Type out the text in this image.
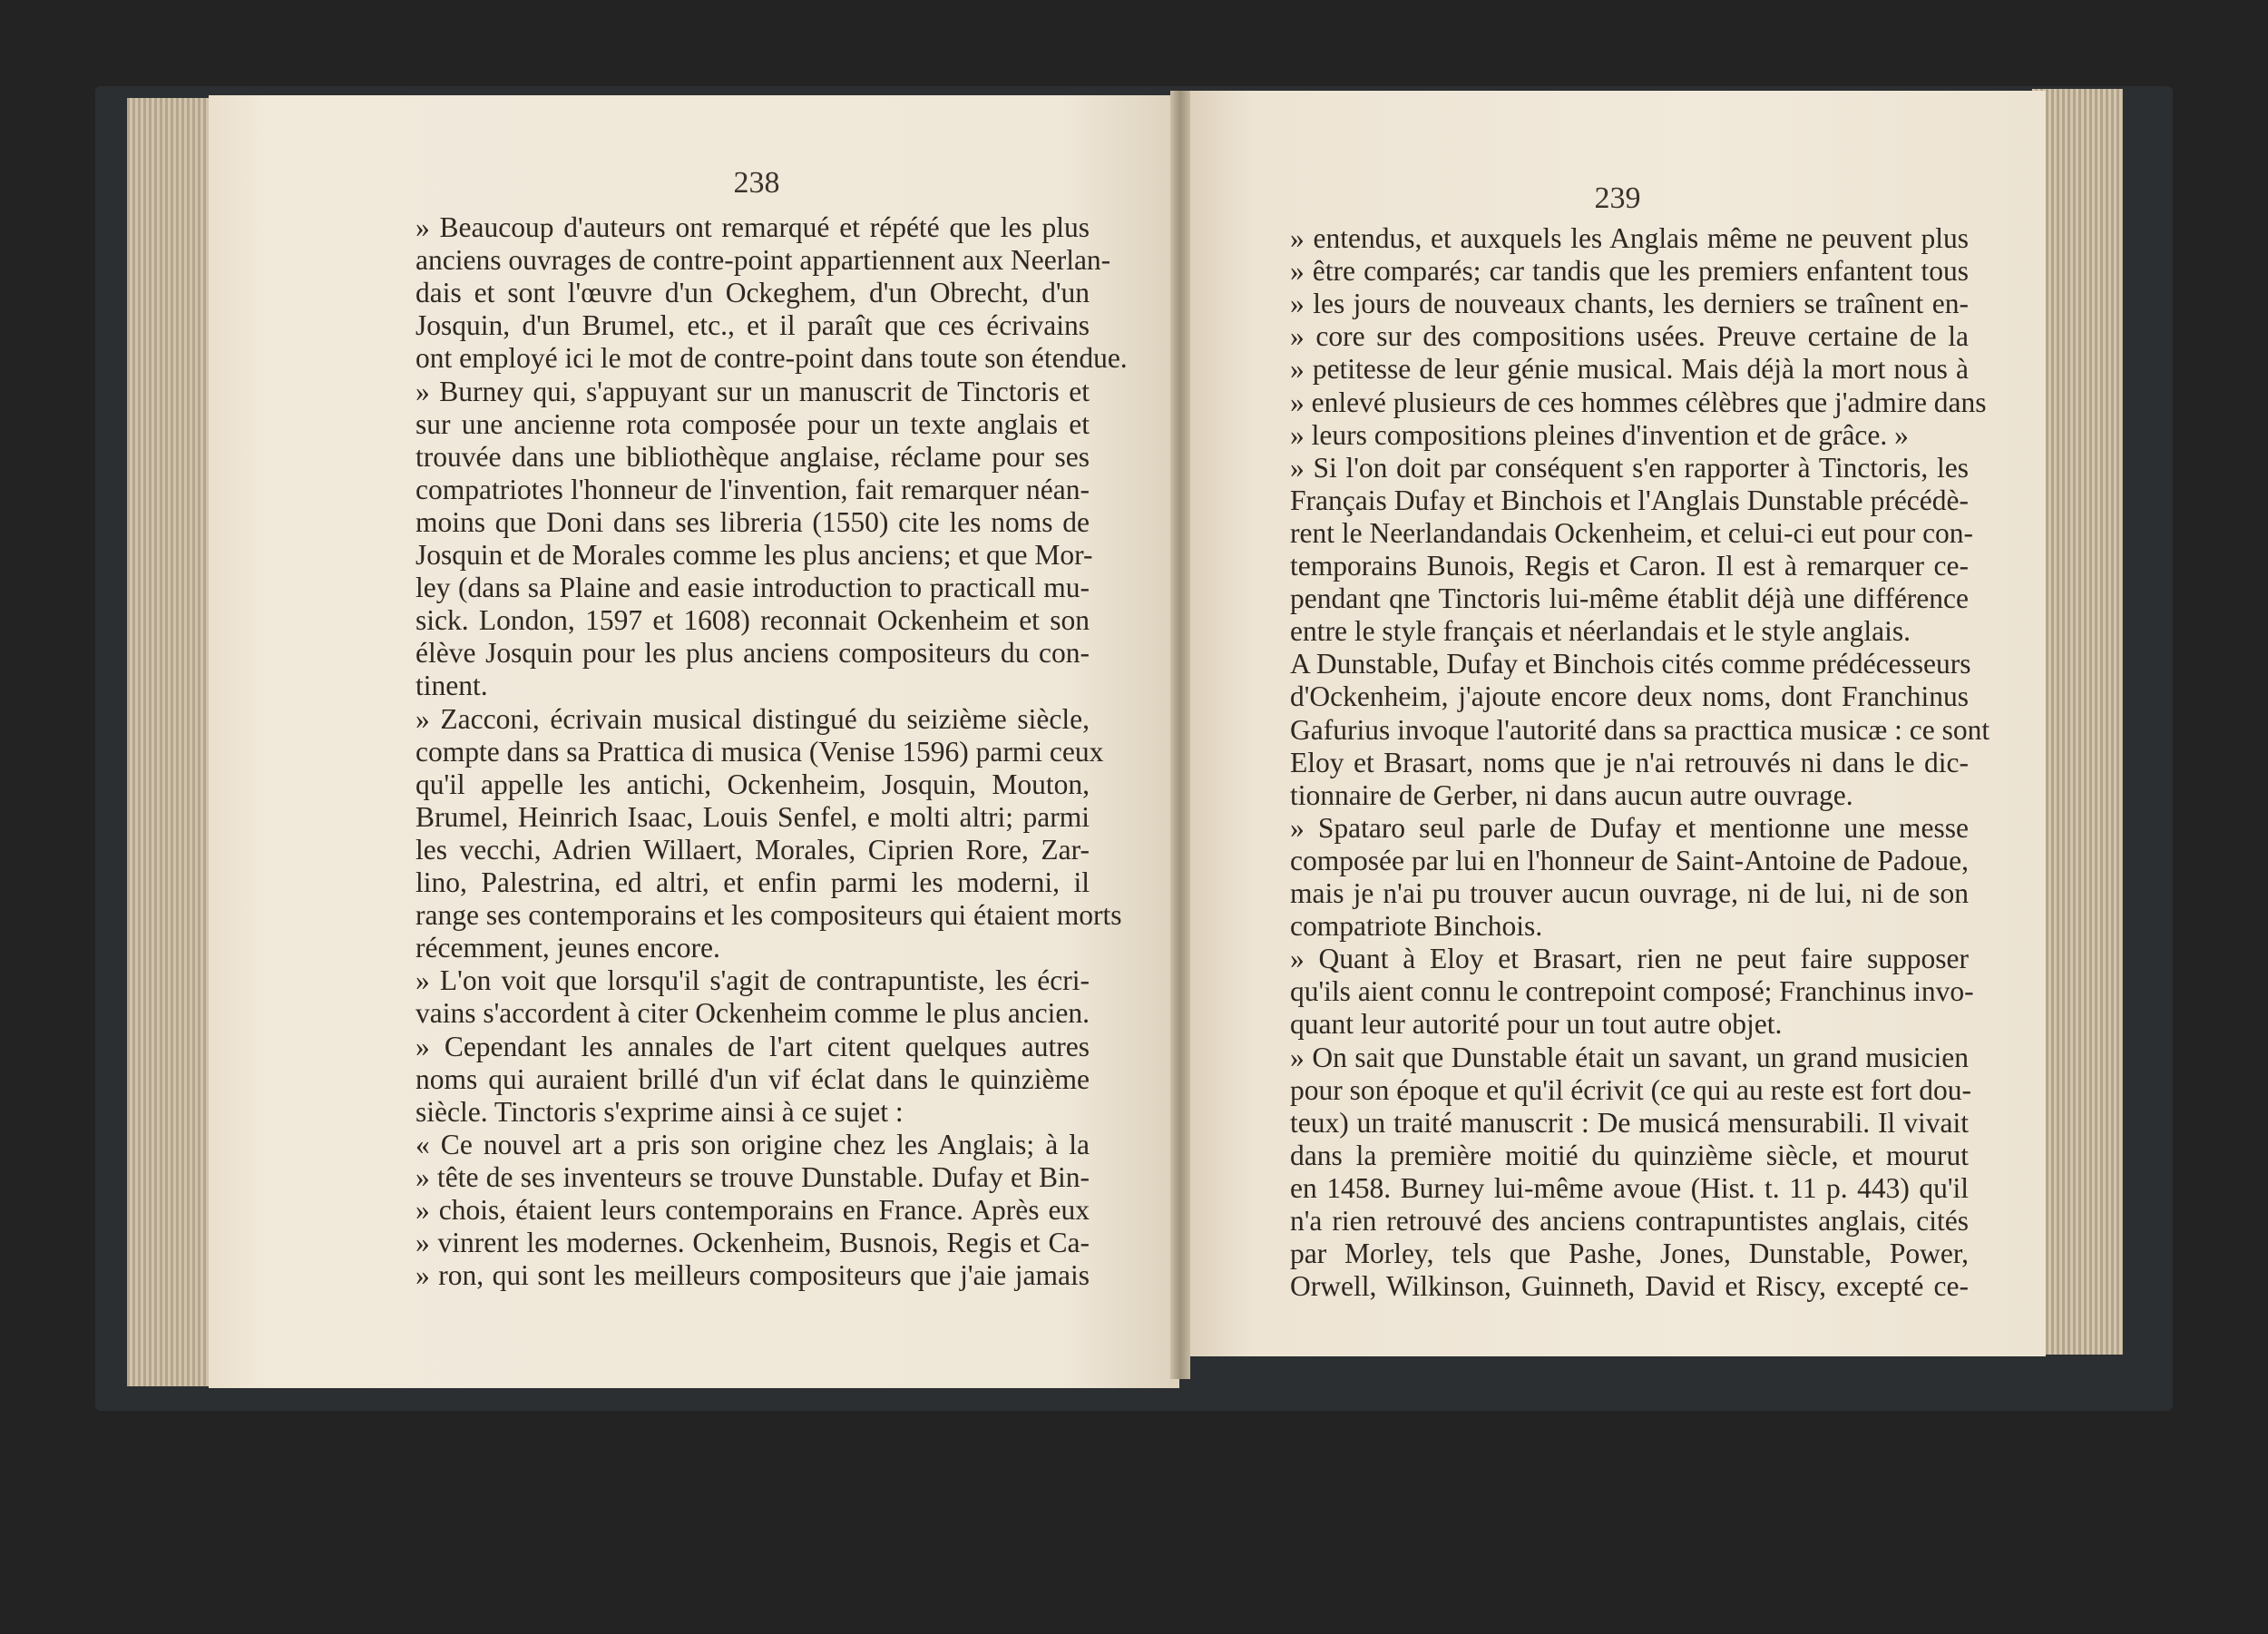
238	239
» Beaucoup d'auteurs ont remarqué et répété que les plus
anciens ouvrages de contre-point appartiennent aux Neerlan-
dais et sont l'œuvre d'un Ockeghem, d'un Obrecht, d'un
Josquin, d'un Brumel, etc., et il paraît que ces écrivains
ont employé ici le mot de contre-point dans toute son étendue.
» Burney qui, s'appuyant sur un manuscrit de Tinctoris et
sur une ancienne rota composée pour un texte anglais et
trouvée dans une bibliothèque anglaise, réclame pour ses
compatriotes l'honneur de l'invention, fait remarquer néan-
moins que Doni dans ses libreria (1550) cite les noms de
Josquin et de Morales comme les plus anciens; et que Mor-
ley (dans sa Plaine and easie introduction to practicall mu-
sick. London, 1597 et 1608) reconnait Ockenheim et son
élève Josquin pour les plus anciens compositeurs du con-
tinent.
» Zacconi, écrivain musical distingué du seizième siècle,
compte dans sa Prattica di musica (Venise 1596) parmi ceux
qu'il appelle les antichi, Ockenheim, Josquin, Mouton,
Brumel, Heinrich Isaac, Louis Senfel, e molti altri; parmi
les vecchi, Adrien Willaert, Morales, Ciprien Rore, Zar-
lino, Palestrina, ed altri, et enfin parmi les moderni, il
range ses contemporains et les compositeurs qui étaient morts
récemment, jeunes encore.
» L'on voit que lorsqu'il s'agit de contrapuntiste, les écri-
vains s'accordent à citer Ockenheim comme le plus ancien.
» Cependant les annales de l'art citent quelques autres
noms qui auraient brillé d'un vif éclat dans le quinzième
siècle. Tinctoris s'exprime ainsi à ce sujet :
« Ce nouvel art a pris son origine chez les Anglais; à la
» tête de ses inventeurs se trouve Dunstable. Dufay et Bin-
» chois, étaient leurs contemporains en France. Après eux
» vinrent les modernes. Ockenheim, Busnois, Regis et Ca-
» ron, qui sont les meilleurs compositeurs que j'aie jamais
» entendus, et auxquels les Anglais même ne peuvent plus
» être comparés; car tandis que les premiers enfantent tous
» les jours de nouveaux chants, les derniers se traînent en-
» core sur des compositions usées. Preuve certaine de la
» petitesse de leur génie musical. Mais déjà la mort nous à
» enlevé plusieurs de ces hommes célèbres que j'admire dans
» leurs compositions pleines d'invention et de grâce. »
» Si l'on doit par conséquent s'en rapporter à Tinctoris, les
Français Dufay et Binchois et l'Anglais Dunstable précédè-
rent le Neerlandandais Ockenheim, et celui-ci eut pour con-
temporains Bunois, Regis et Caron. Il est à remarquer ce-
pendant qne Tinctoris lui-même établit déjà une différence
entre le style français et néerlandais et le style anglais.
A Dunstable, Dufay et Binchois cités comme prédécesseurs
d'Ockenheim, j'ajoute encore deux noms, dont Franchinus
Gafurius invoque l'autorité dans sa practtica musicæ : ce sont
Eloy et Brasart, noms que je n'ai retrouvés ni dans le dic-
tionnaire de Gerber, ni dans aucun autre ouvrage.
» Spataro seul parle de Dufay et mentionne une messe
composée par lui en l'honneur de Saint-Antoine de Padoue,
mais je n'ai pu trouver aucun ouvrage, ni de lui, ni de son
compatriote Binchois.
» Quant à Eloy et Brasart, rien ne peut faire supposer
qu'ils aient connu le contrepoint composé; Franchinus invo-
quant leur autorité pour un tout autre objet.
» On sait que Dunstable était un savant, un grand musicien
pour son époque et qu'il écrivit (ce qui au reste est fort dou-
teux) un traité manuscrit : De musicá mensurabili. Il vivait
dans la première moitié du quinzième siècle, et mourut
en 1458. Burney lui-même avoue (Hist. t. 11 p. 443) qu'il
n'a rien retrouvé des anciens contrapuntistes anglais, cités
par Morley, tels que Pashe, Jones, Dunstable, Power,
Orwell, Wilkinson, Guinneth, David et Riscy, excepté ce-
